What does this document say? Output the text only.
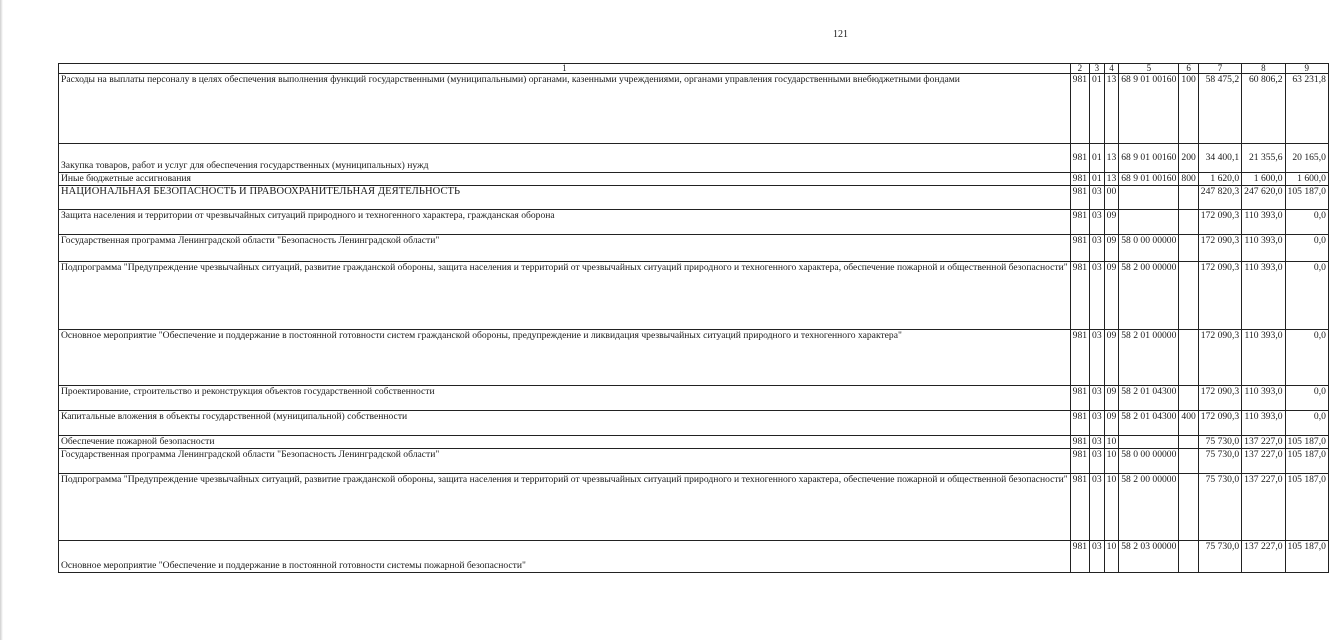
121
1	2	3	4	5	6	7	8	9
Расходы на выплаты персоналу в целях обеспечения выполнения функций государственными (муниципальными) органами, казенными учреждениями, органами управления государственными внебюджетными фондами	981	01	13	68 9 01 00160	100	58 475,2	60 806,2	63 231,8
Закупка товаров, работ и услуг для обеспечения государственных (муниципальных) нужд	981	01	13	68 9 01 00160	200	34 400,1	21 355,6	20 165,0
Иные бюджетные ассигнования	981	01	13	68 9 01 00160	800	1 620,0	1 600,0	1 600,0
НАЦИОНАЛЬНАЯ БЕЗОПАСНОСТЬ И ПРАВООХРАНИТЕЛЬНАЯ ДЕЯТЕЛЬНОСТЬ	981	03	00			247 820,3	247 620,0	105 187,0
Защита населения и территории от чрезвычайных ситуаций природного и техногенного характера, гражданская оборона	981	03	09			172 090,3	110 393,0	0,0
Государственная программа Ленинградской области "Безопасность Ленинградской области"	981	03	09	58 0 00 00000		172 090,3	110 393,0	0,0
Подпрограмма "Предупреждение чрезвычайных ситуаций, развитие гражданской обороны, защита населения и территорий от чрезвычайных ситуаций природного и техногенного характера, обеспечение пожарной и общественной безопасности"	981	03	09	58 2 00 00000		172 090,3	110 393,0	0,0
Основное мероприятие "Обеспечение и поддержание в постоянной готовности систем гражданской обороны, предупреждение и ликвидация чрезвычайных ситуаций природного и техногенного характера"	981	03	09	58 2 01 00000		172 090,3	110 393,0	0,0
Проектирование, строительство и реконструкция объектов государственной собственности	981	03	09	58 2 01 04300		172 090,3	110 393,0	0,0
Капитальные вложения в объекты государственной (муниципальной) собственности	981	03	09	58 2 01 04300	400	172 090,3	110 393,0	0,0
Обеспечение пожарной безопасности	981	03	10			75 730,0	137 227,0	105 187,0
Государственная программа Ленинградской области "Безопасность Ленинградской области"	981	03	10	58 0 00 00000		75 730,0	137 227,0	105 187,0
Подпрограмма "Предупреждение чрезвычайных ситуаций, развитие гражданской обороны, защита населения и территорий от чрезвычайных ситуаций природного и техногенного характера, обеспечение пожарной и общественной безопасности"	981	03	10	58 2 00 00000		75 730,0	137 227,0	105 187,0
Основное мероприятие "Обеспечение и поддержание в постоянной готовности системы пожарной безопасности"	981	03	10	58 2 03 00000		75 730,0	137 227,0	105 187,0
